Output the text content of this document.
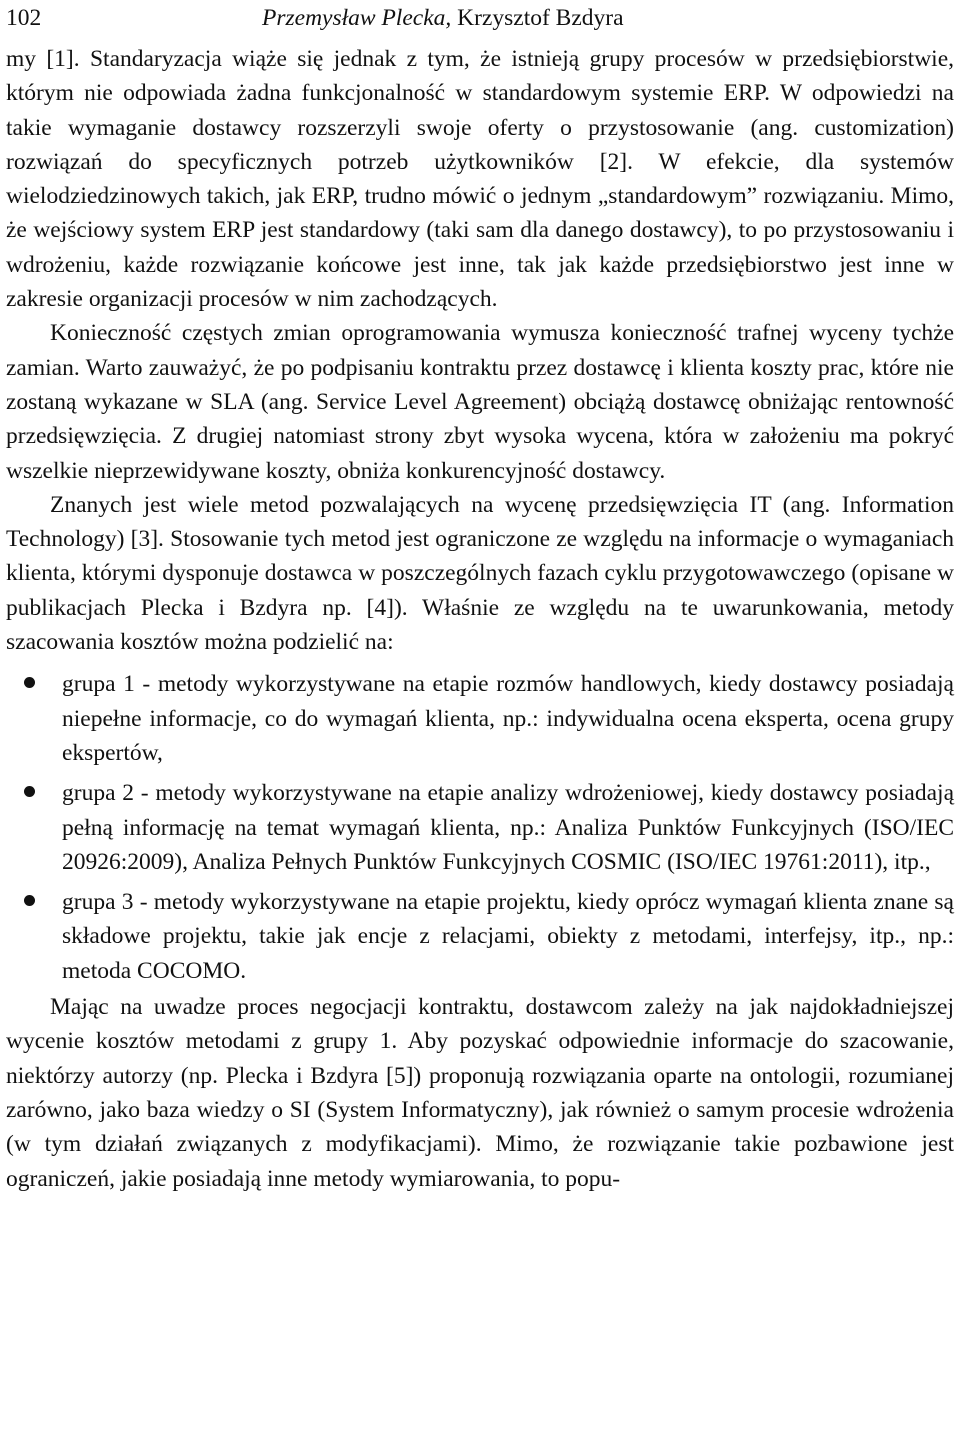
102	Przemysław Plecka, Krzysztof Bzdyra

my [1]. Standaryzacja wiąże się jednak z tym, że istnieją grupy procesów w przedsiębiorstwie, którym nie odpowiada żadna funkcjonalność w standardowym systemie ERP. W odpowiedzi na takie wymaganie dostawcy rozszerzyli swoje oferty o przystosowanie (ang. customization) rozwiązań do specyficznych potrzeb użytkowników [2]. W efekcie, dla systemów wielodziedzinowych takich, jak ERP, trudno mówić o jednym „standardowym” rozwiązaniu. Mimo, że wejściowy system ERP jest standardowy (taki sam dla danego dostawcy), to po przystosowaniu i wdrożeniu, każde rozwiązanie końcowe jest inne, tak jak każde przedsiębiorstwo jest inne w zakresie organizacji procesów w nim zachodzących.

Konieczność częstych zmian oprogramowania wymusza konieczność trafnej wyceny tychże zamian. Warto zauważyć, że po podpisaniu kontraktu przez dostawcę i klienta koszty prac, które nie zostaną wykazane w SLA (ang. Service Level Agreement) obciążą dostawcę obniżając rentowność przedsięwzięcia. Z drugiej natomiast strony zbyt wysoka wycena, która w założeniu ma pokryć wszelkie nieprzewidywane koszty, obniża konkurencyjność dostawcy.

Znanych jest wiele metod pozwalających na wycenę przedsięwzięcia IT (ang. Information Technology) [3]. Stosowanie tych metod jest ograniczone ze względu na informacje o wymaganiach klienta, którymi dysponuje dostawca w poszczególnych fazach cyklu przygotowawczego (opisane w publikacjach Plecka i Bzdyra np. [4]). Właśnie ze względu na te uwarunkowania, metody szacowania kosztów można podzielić na:

grupa 1 - metody wykorzystywane na etapie rozmów handlowych, kiedy dostawcy posiadają niepełne informacje, co do wymagań klienta, np.: indywidualna ocena eksperta, ocena grupy ekspertów,
grupa 2 - metody wykorzystywane na etapie analizy wdrożeniowej, kiedy dostawcy posiadają pełną informację na temat wymagań klienta, np.: Analiza Punktów Funkcyjnych (ISO/IEC 20926:2009), Analiza Pełnych Punktów Funkcyjnych COSMIC (ISO/IEC 19761:2011), itp.,
grupa 3 - metody wykorzystywane na etapie projektu, kiedy oprócz wymagań klienta znane są składowe projektu, takie jak encje z relacjami, obiekty z metodami, interfejsy, itp., np.: metoda COCOMO.

Mając na uwadze proces negocjacji kontraktu, dostawcom zależy na jak najdokładniejszej wycenie kosztów metodami z grupy 1. Aby pozyskać odpowiednie informacje do szacowanie, niektórzy autorzy (np. Plecka i Bzdyra [5]) proponują rozwiązania oparte na ontologii, rozumianej zarówno, jako baza wiedzy o SI (System Informatyczny), jak również o samym procesie wdrożenia (w tym działań związanych z modyfikacjami). Mimo, że rozwiązanie takie pozbawione jest ograniczeń, jakie posiadają inne metody wymiarowania, to popu-
